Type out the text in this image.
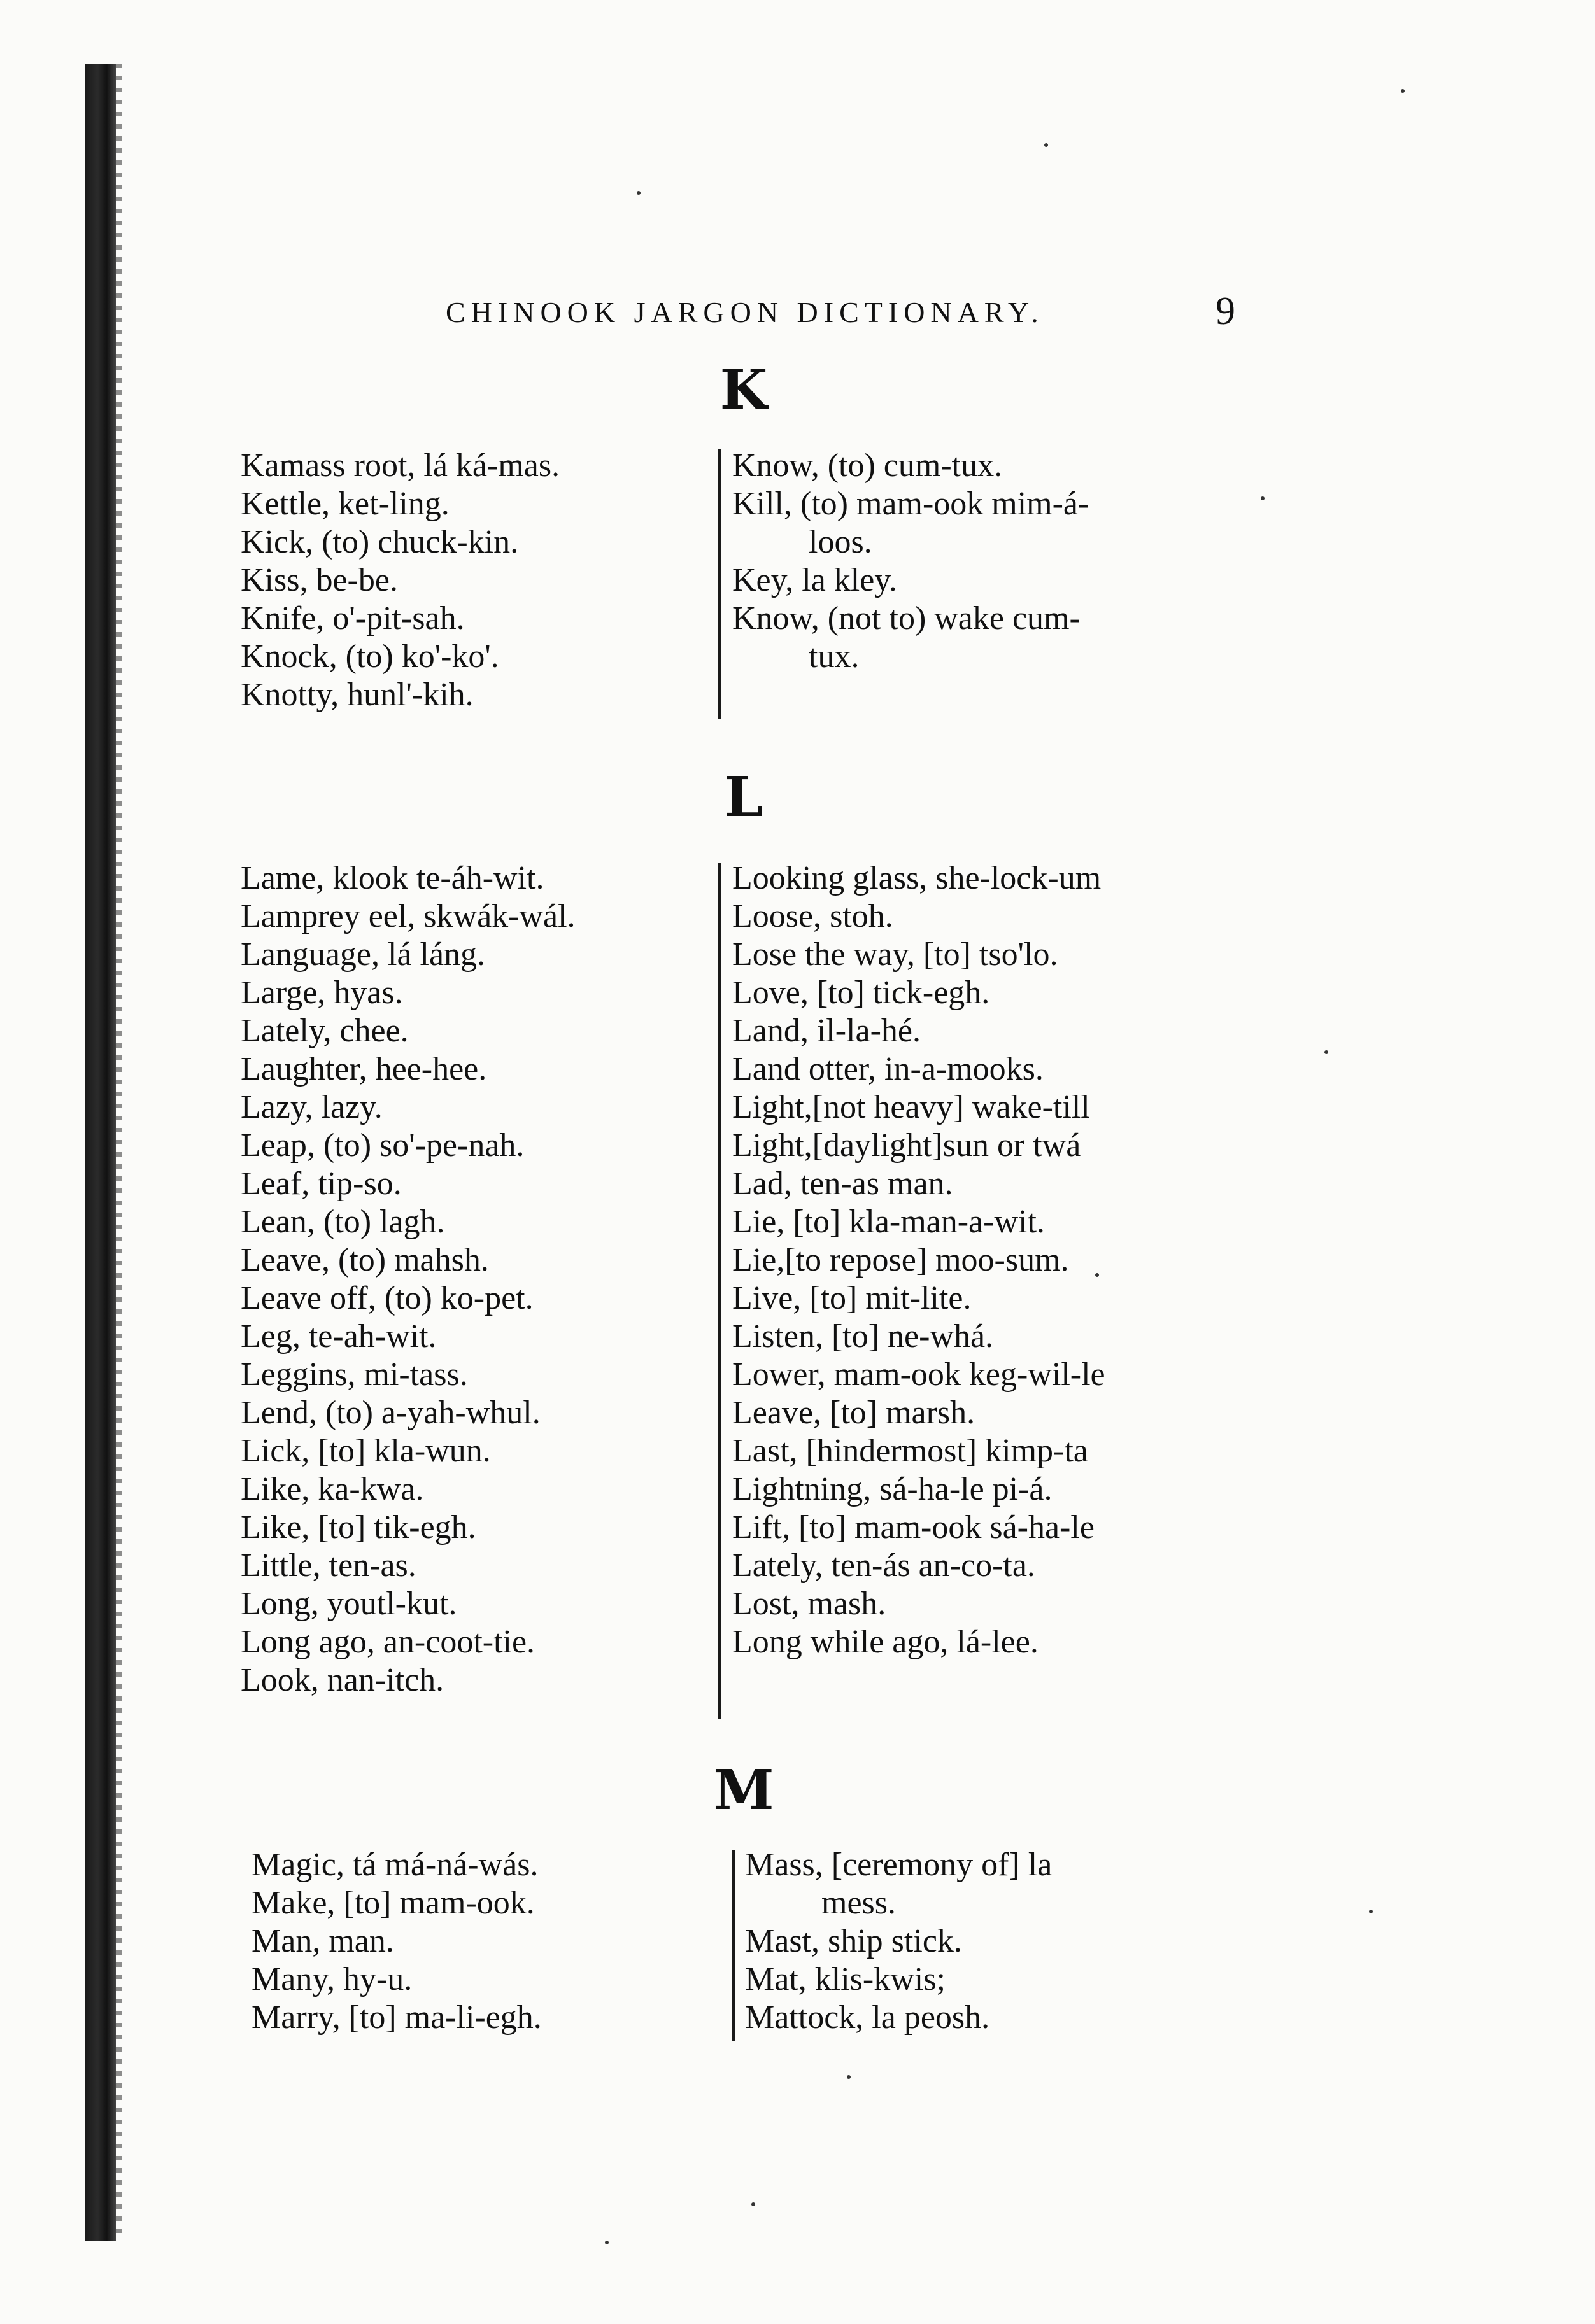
CHINOOK JARGON DICTIONARY.	9
K
Kamass root, lá ká-mas.
Kettle, ket-ling.
Kick, (to) chuck-kin.
Kiss, be-be.
Knife, o'-pit-sah.
Knock, (to) ko'-ko'.
Knotty, hunl'-kih.
Know, (to) cum-tux.
Kill, (to) mam-ook mim-á-
loos.
Key, la kley.
Know, (not to) wake cum-
tux.
L
Lame, klook te-áh-wit.
Lamprey eel, skwák-wál.
Language, lá láng.
Large, hyas.
Lately, chee.
Laughter, hee-hee.
Lazy, lazy.
Leap, (to) so'-pe-nah.
Leaf, tip-so.
Lean, (to) lagh.
Leave, (to) mahsh.
Leave off, (to) ko-pet.
Leg, te-ah-wit.
Leggins, mi-tass.
Lend, (to) a-yah-whul.
Lick, [to] kla-wun.
Like, ka-kwa.
Like, [to] tik-egh.
Little, ten-as.
Long, youtl-kut.
Long ago, an-coot-tie.
Look, nan-itch.
Looking glass, she-lock-um
Loose, stoh.
Lose the way, [to] tso'lo.
Love, [to] tick-egh.
Land, il-la-hé.
Land otter, in-a-mooks.
Light,[not heavy] wake-till
Light,[daylight]sun or twá
Lad, ten-as man.
Lie, [to] kla-man-a-wit.
Lie,[to repose] moo-sum.
Live, [to] mit-lite.
Listen, [to] ne-whá.
Lower, mam-ook keg-wil-le
Leave, [to] marsh.
Last, [hindermost] kimp-ta
Lightning, sá-ha-le pi-á.
Lift, [to] mam-ook sá-ha-le
Lately, ten-ás an-co-ta.
Lost, mash.
Long while ago, lá-lee.
M
Magic, tá má-ná-wás.
Make, [to] mam-ook.
Man, man.
Many, hy-u.
Marry, [to] ma-li-egh.
Mass, [ceremony of] la
mess.
Mast, ship stick.
Mat, klis-kwis;
Mattock, la peosh.
